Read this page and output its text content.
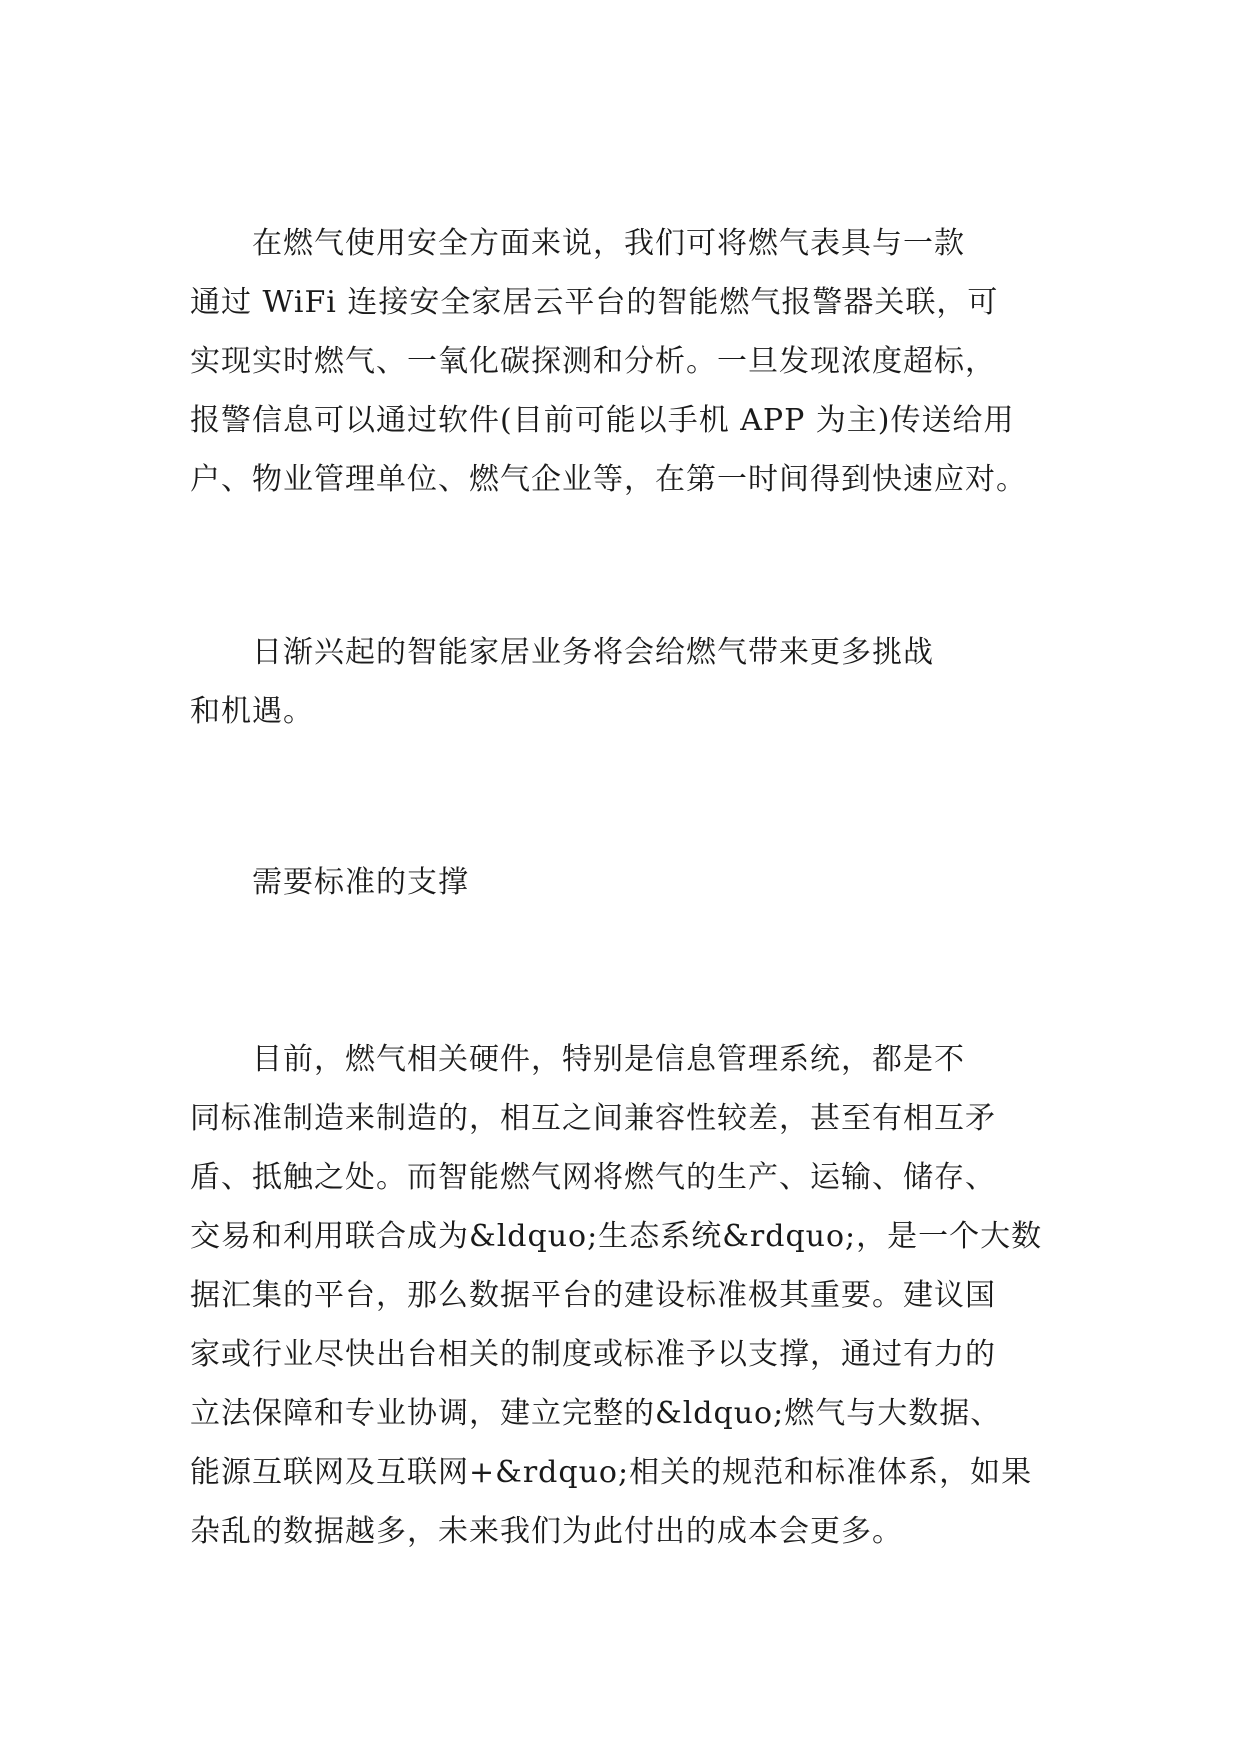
　　在燃气使用安全方面来说，我们可将燃气表具与一款
通过 WiFi 连接安全家居云平台的智能燃气报警器关联，可
实现实时燃气、一氧化碳探测和分析。一旦发现浓度超标，
报警信息可以通过软件(目前可能以手机 APP 为主)传送给用
户、物业管理单位、燃气企业等，在第一时间得到快速应对。
　　日渐兴起的智能家居业务将会给燃气带来更多挑战
和机遇。
　　需要标准的支撑
　　目前，燃气相关硬件，特别是信息管理系统，都是不
同标准制造来制造的，相互之间兼容性较差，甚至有相互矛
盾、抵触之处。而智能燃气网将燃气的生产、运输、储存、
交易和利用联合成为&ldquo;生态系统&rdquo;，是一个大数
据汇集的平台，那么数据平台的建设标准极其重要。建议国
家或行业尽快出台相关的制度或标准予以支撑，通过有力的
立法保障和专业协调，建立完整的&ldquo;燃气与大数据、
能源互联网及互联网+&rdquo;相关的规范和标准体系，如果
杂乱的数据越多，未来我们为此付出的成本会更多。
